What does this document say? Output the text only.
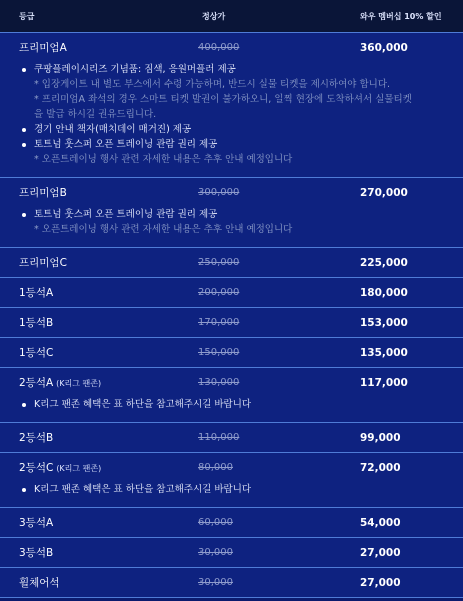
등급	정상가	와우 멤버십 10% 할인
프리미엄A	400,000	360,000
쿠팡플레이시리즈 기념품: 짐색, 응원머플러 제공
* 입장게이트 내 별도 부스에서 수령 가능하며, 반드시 실물 티켓을 제시하여야 합니다.
* 프리미엄A 좌석의 경우 스마트 티켓 발권이 불가하오니, 일찍 현장에 도착하셔서 실물티켓
을 발급 하시길 권유드립니다.
경기 안내 책자(매치데이 매거진) 제공
토트넘 훗스퍼 오픈 트레이닝 관람 권리 제공
* 오픈트레이닝 행사 관련 자세한 내용은 추후 안내 예정입니다
프리미엄B	300,000	270,000
토트넘 훗스퍼 오픈 트레이닝 관람 권리 제공
* 오픈트레이닝 행사 관련 자세한 내용은 추후 안내 예정입니다
프리미엄C	250,000	225,000
1등석A	200,000	180,000
1등석B	170,000	153,000
1등석C	150,000	135,000
2등석A (K리그 팬존)	130,000	117,000
K리그 팬존 혜택은 표 하단을 참고해주시길 바랍니다
2등석B	110,000	99,000
2등석C (K리그 팬존)	80,000	72,000
K리그 팬존 혜택은 표 하단을 참고해주시길 바랍니다
3등석A	60,000	54,000
3등석B	30,000	27,000
휠체어석	30,000	27,000
